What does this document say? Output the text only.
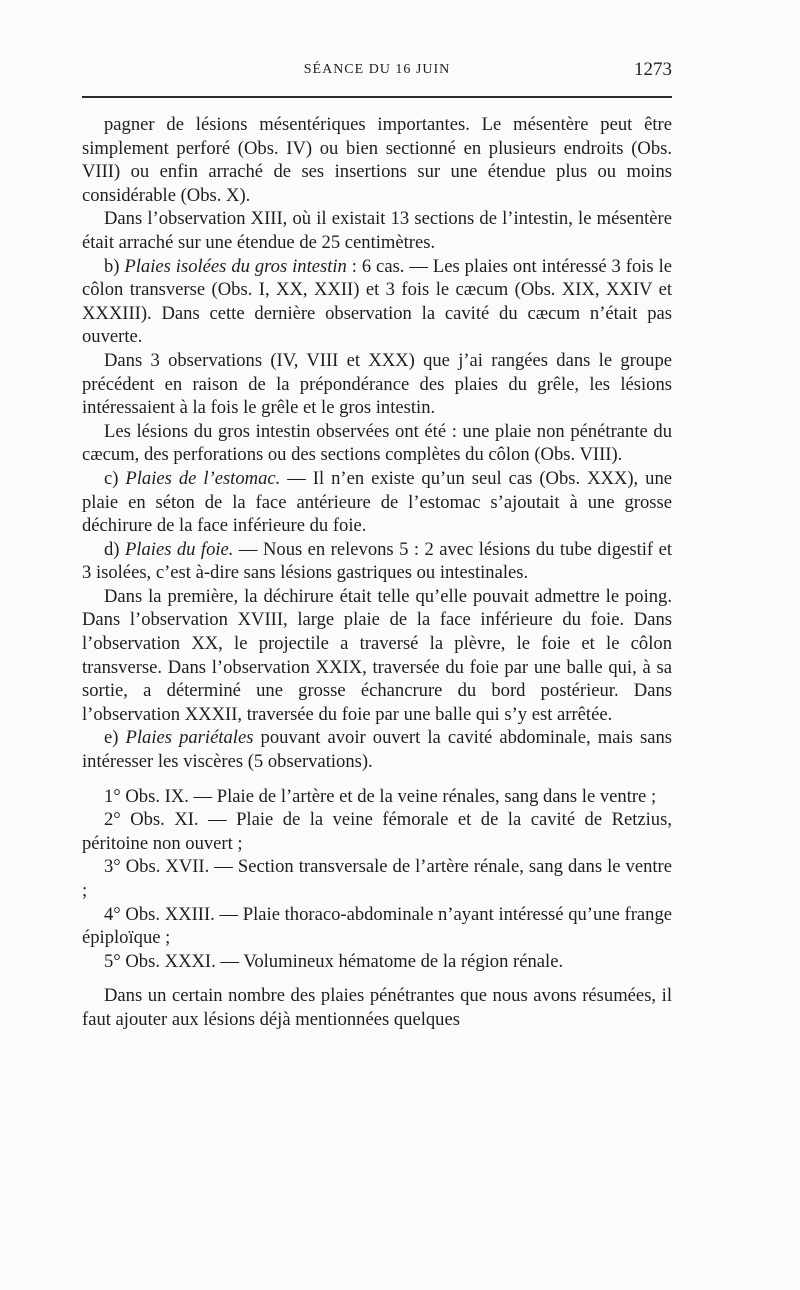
SÉANCE DU 16 JUIN	1273

pagner de lésions mésentériques importantes. Le mésentère peut être simplement perforé (Obs. IV) ou bien sectionné en plusieurs endroits (Obs. VIII) ou enfin arraché de ses insertions sur une étendue plus ou moins considérable (Obs. X).

Dans l’observation XIII, où il existait 13 sections de l’intestin, le mésentère était arraché sur une étendue de 25 centimètres.

b) Plaies isolées du gros intestin : 6 cas. — Les plaies ont intéressé 3 fois le côlon transverse (Obs. I, XX, XXII) et 3 fois le cæcum (Obs. XIX, XXIV et XXXIII). Dans cette dernière observation la cavité du cæcum n’était pas ouverte.

Dans 3 observations (IV, VIII et XXX) que j’ai rangées dans le groupe précédent en raison de la prépondérance des plaies du grêle, les lésions intéressaient à la fois le grêle et le gros intestin.

Les lésions du gros intestin observées ont été : une plaie non pénétrante du cæcum, des perforations ou des sections complètes du côlon (Obs. VIII).

c) Plaies de l’estomac. — Il n’en existe qu’un seul cas (Obs. XXX), une plaie en séton de la face antérieure de l’estomac s’ajoutait à une grosse déchirure de la face inférieure du foie.

d) Plaies du foie. — Nous en relevons 5 : 2 avec lésions du tube digestif et 3 isolées, c’est à-dire sans lésions gastriques ou intestinales.

Dans la première, la déchirure était telle qu’elle pouvait admettre le poing. Dans l’observation XVIII, large plaie de la face inférieure du foie. Dans l’observation XX, le projectile a traversé la plèvre, le foie et le côlon transverse. Dans l’observation XXIX, traversée du foie par une balle qui, à sa sortie, a déterminé une grosse échancrure du bord postérieur. Dans l’observation XXXII, traversée du foie par une balle qui s’y est arrêtée.

e) Plaies pariétales pouvant avoir ouvert la cavité abdominale, mais sans intéresser les viscères (5 observations).

1° Obs. IX. — Plaie de l’artère et de la veine rénales, sang dans le ventre ;

2° Obs. XI. — Plaie de la veine fémorale et de la cavité de Retzius, péritoine non ouvert ;

3° Obs. XVII. — Section transversale de l’artère rénale, sang dans le ventre ;

4° Obs. XXIII. — Plaie thoraco-abdominale n’ayant intéressé qu’une frange épiploïque ;

5° Obs. XXXI. — Volumineux hématome de la région rénale.

Dans un certain nombre des plaies pénétrantes que nous avons résumées, il faut ajouter aux lésions déjà mentionnées quelques
